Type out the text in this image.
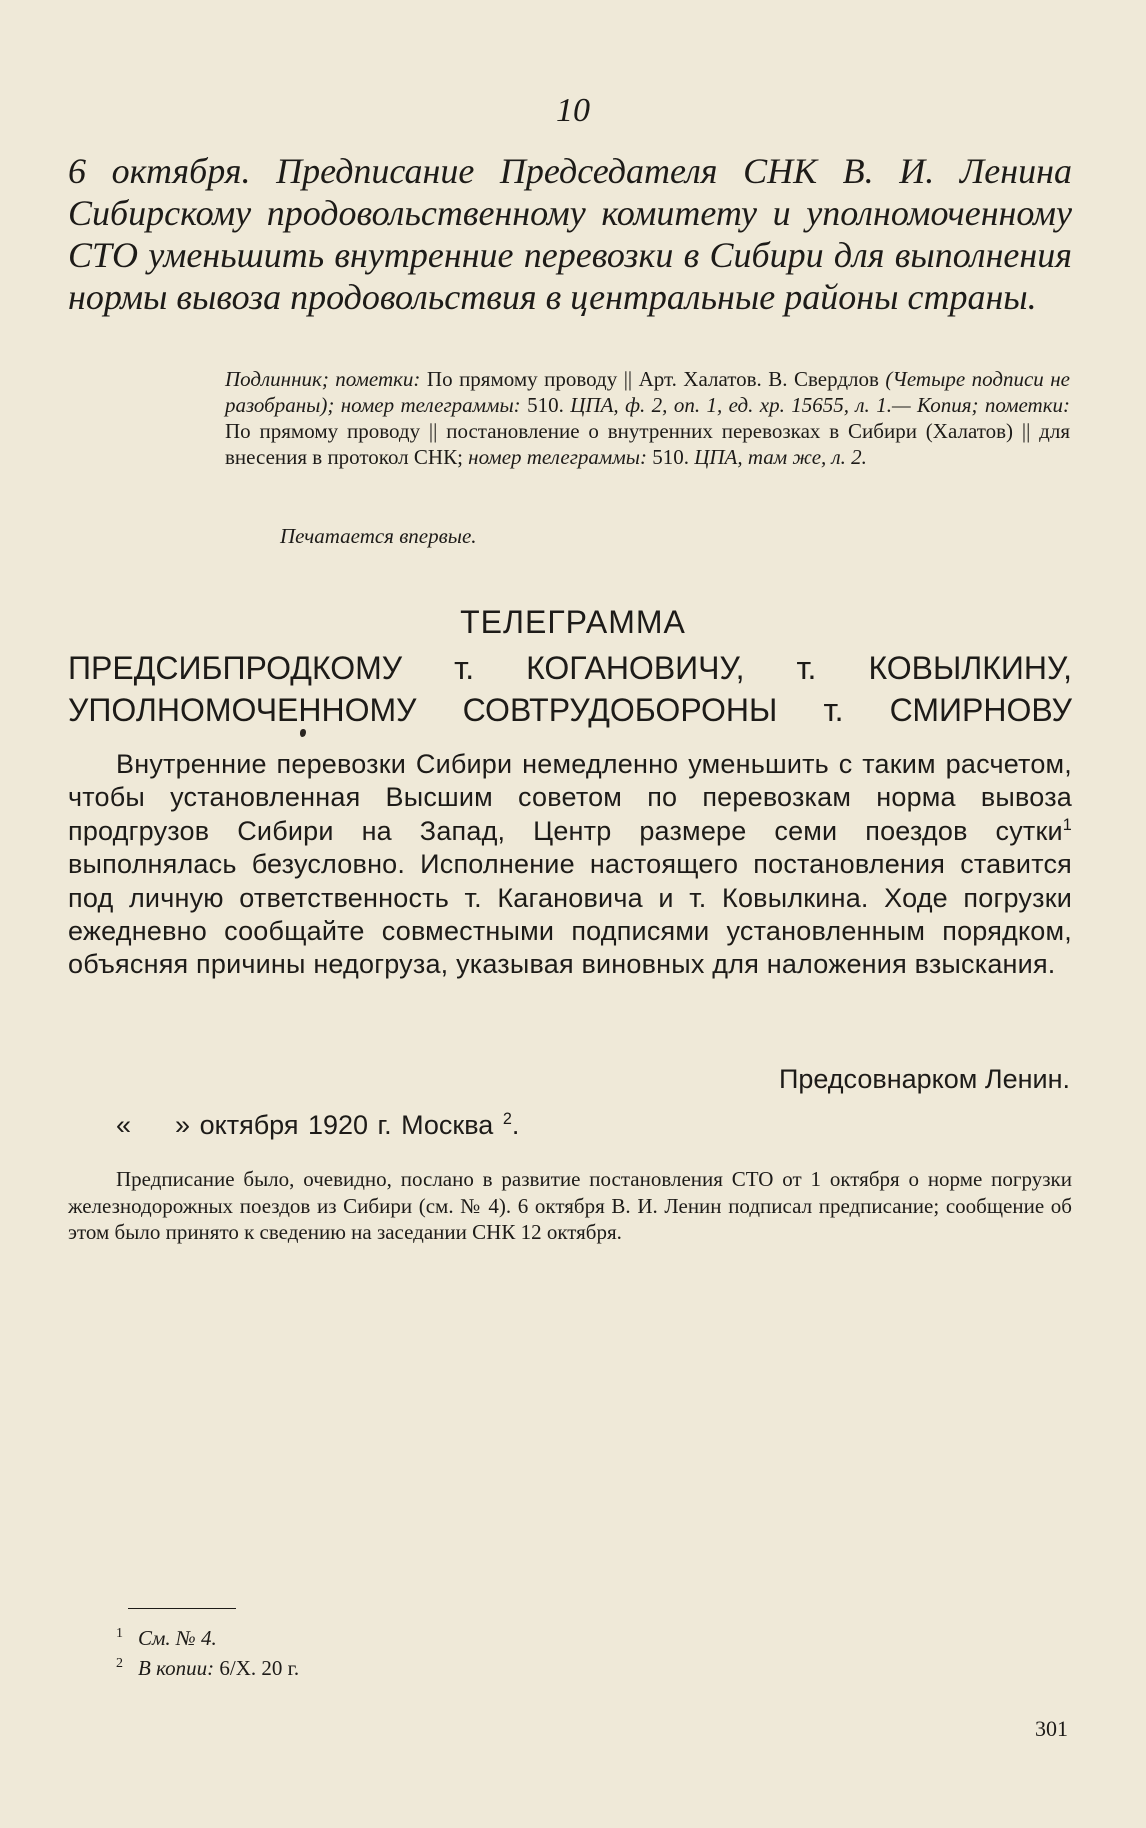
10

6 октября. Предписание Председателя СНК В. И. Ленина Сибирскому продовольственному комитету и уполномоченному СТО уменьшить внутренние перевозки в Сибири для выполнения нормы вывоза продовольствия в центральные районы страны.

Подлинник; пометки: По прямому проводу || Арт. Халатов. В. Свердлов (Четыре подписи не разобраны); номер телеграммы: 510. ЦПА, ф. 2, оп. 1, ед. хр. 15655, л. 1.— Копия; пометки: По прямому проводу || постановление о внутренних перевозках в Сибири (Халатов) || для внесения в протокол СНК; номер телеграммы: 510. ЦПА, там же, л. 2.

Печатается впервые.
ТЕЛЕГРАММА
ПРЕДСИБПРОДКОМУ т. КОГАНОВИЧУ, т. КОВЫЛКИНУ,
УПОЛНОМОЧЕННОМУ СОВТРУДОБОРОНЫ т. СМИРНОВУ

Внутренние перевозки Сибири немедленно уменьшить с таким расчетом, чтобы установленная Высшим советом по перевозкам норма вывоза продгрузов Сибири на Запад, Центр размере семи поездов сутки$^1$ выполнялась безусловно. Исполнение настоящего постановления ставится под личную ответственность т. Кагановича и т. Ковылкина. Ходе погрузки ежедневно сообщайте совместными подписями установленным порядком, объясняя причины недогруза, указывая виновных для наложения взыскания.

Предсовнарком Ленин.
« » октября 1920 г. Москва $^2$.

Предписание было, очевидно, послано в развитие постановления СТО от 1 октября о норме погрузки железнодорожных поездов из Сибири (см. № 4). 6 октября В. И. Ленин подписал предписание; сообщение об этом было принято к сведению на заседании СНК 12 октября.

1 См. № 4.
2 В копии: 6/X. 20 г.
301
